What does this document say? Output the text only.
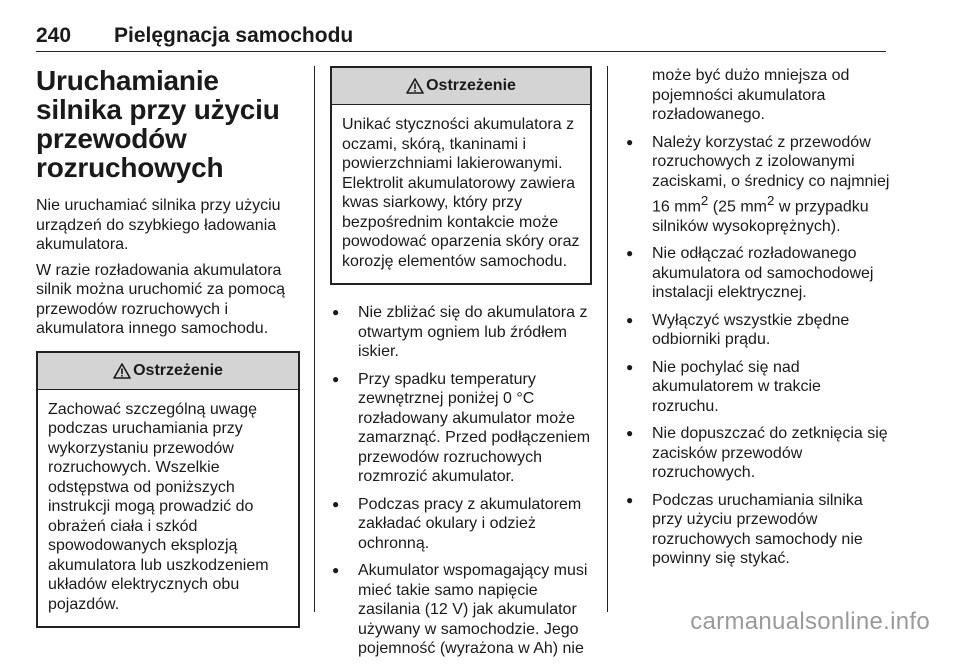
240 Pielęgnacja samochodu
Uruchamianie silnika przy użyciu przewodów rozruchowych

Nie uruchamiać silnika przy użyciu urządzeń do szybkiego ładowania akumulatora.

W razie rozładowania akumulatora silnik można uruchomić za pomocą przewodów rozruchowych i akumulatora innego samochodu.

Ostrzeżenie
Zachować szczególną uwagę podczas uruchamiania przy wykorzystaniu przewodów rozruchowych. Wszelkie odstępstwa od poniższych instrukcji mogą prowadzić do obrażeń ciała i szkód spowodowanych eksplozją akumulatora lub uszkodzeniem układów elektrycznych obu pojazdów.
Ostrzeżenie
Unikać styczności akumulatora z oczami, skórą, tkaninami i powierzchniami lakierowanymi. Elektrolit akumulatorowy zawiera kwas siarkowy, który przy bezpośrednim kontakcie może powodować oparzenia skóry oraz korozję elementów samochodu.
● Nie zbliżać się do akumulatora z otwartym ogniem lub źródłem iskier.
● Przy spadku temperatury zewnętrznej poniżej 0 °C rozładowany akumulator może zamarznąć. Przed podłączeniem przewodów rozruchowych rozmrozić akumulator.
● Podczas pracy z akumulatorem zakładać okulary i odzież ochronną.
● Akumulator wspomagający musi mieć takie samo napięcie zasilania (12 V) jak akumulator używany w samochodzie. Jego pojemność (wyrażona w Ah) nie
może być dużo mniejsza od pojemności akumulatora rozładowanego.
● Należy korzystać z przewodów rozruchowych z izolowanymi zaciskami, o średnicy co najmniej 16 $mm^2$ (25 $mm^2$ w przypadku silników wysokoprężnych).
● Nie odłączać rozładowanego akumulatora od samochodowej instalacji elektrycznej.
● Wyłączyć wszystkie zbędne odbiorniki prądu.
● Nie pochylać się nad akumulatorem w trakcie rozruchu.
● Nie dopuszczać do zetknięcia się zacisków przewodów rozruchowych.
● Podczas uruchamiania silnika przy użyciu przewodów rozruchowych samochody nie powinny się stykać.
carmanualsonline.info
